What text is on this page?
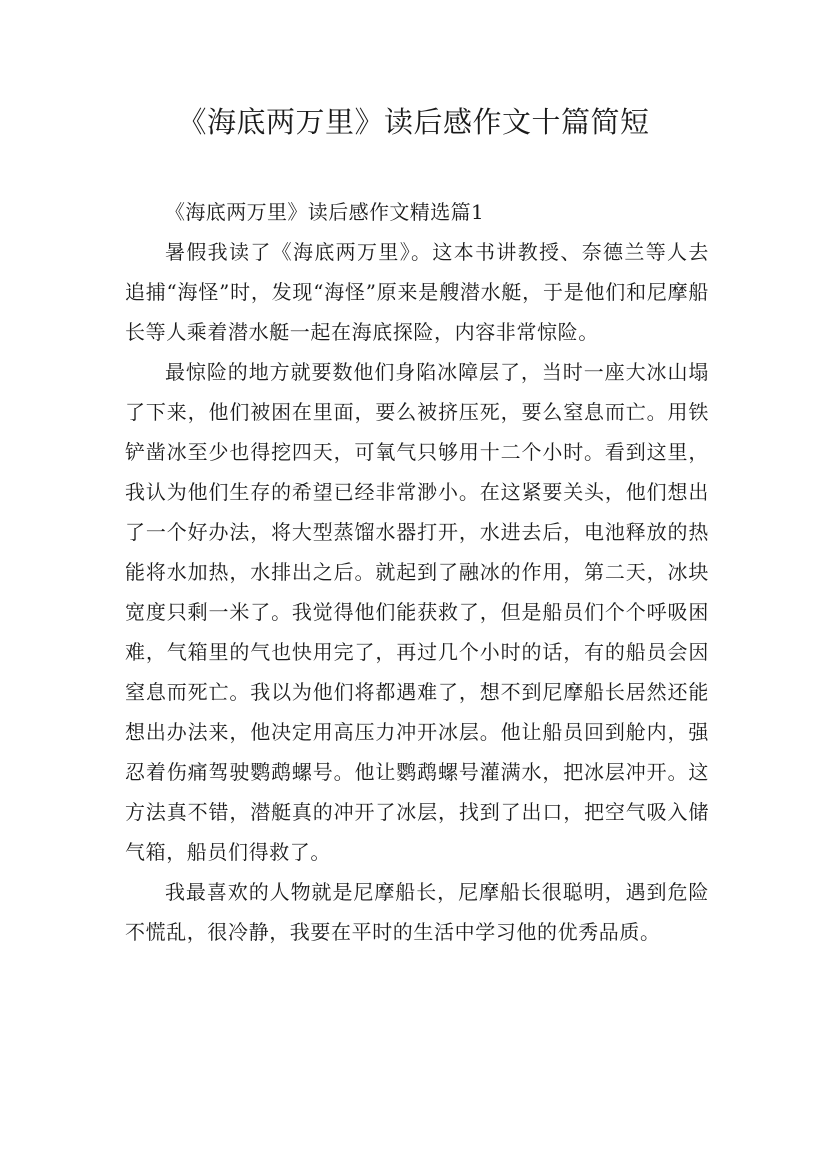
《海底两万里》读后感作文十篇简短

《海底两万里》读后感作文精选篇1

暑假我读了《海底两万里》。这本书讲教授、奈德兰等人去追捕“海怪”时，发现“海怪”原来是艘潜水艇，于是他们和尼摩船长等人乘着潜水艇一起在海底探险，内容非常惊险。

最惊险的地方就要数他们身陷冰障层了，当时一座大冰山塌了下来，他们被困在里面，要么被挤压死，要么窒息而亡。用铁铲凿冰至少也得挖四天，可氧气只够用十二个小时。看到这里，我认为他们生存的希望已经非常渺小。在这紧要关头，他们想出了一个好办法，将大型蒸馏水器打开，水进去后，电池释放的热能将水加热，水排出之后。就起到了融冰的作用，第二天，冰块宽度只剩一米了。我觉得他们能获救了，但是船员们个个呼吸困难，气箱里的气也快用完了，再过几个小时的话，有的船员会因窒息而死亡。我以为他们将都遇难了，想不到尼摩船长居然还能想出办法来，他决定用高压力冲开冰层。他让船员回到舱内，强忍着伤痛驾驶鹦鹉螺号。他让鹦鹉螺号灌满水，把冰层冲开。这方法真不错，潜艇真的冲开了冰层，找到了出口，把空气吸入储气箱，船员们得救了。

我最喜欢的人物就是尼摩船长，尼摩船长很聪明，遇到危险不慌乱，很冷静，我要在平时的生活中学习他的优秀品质。
